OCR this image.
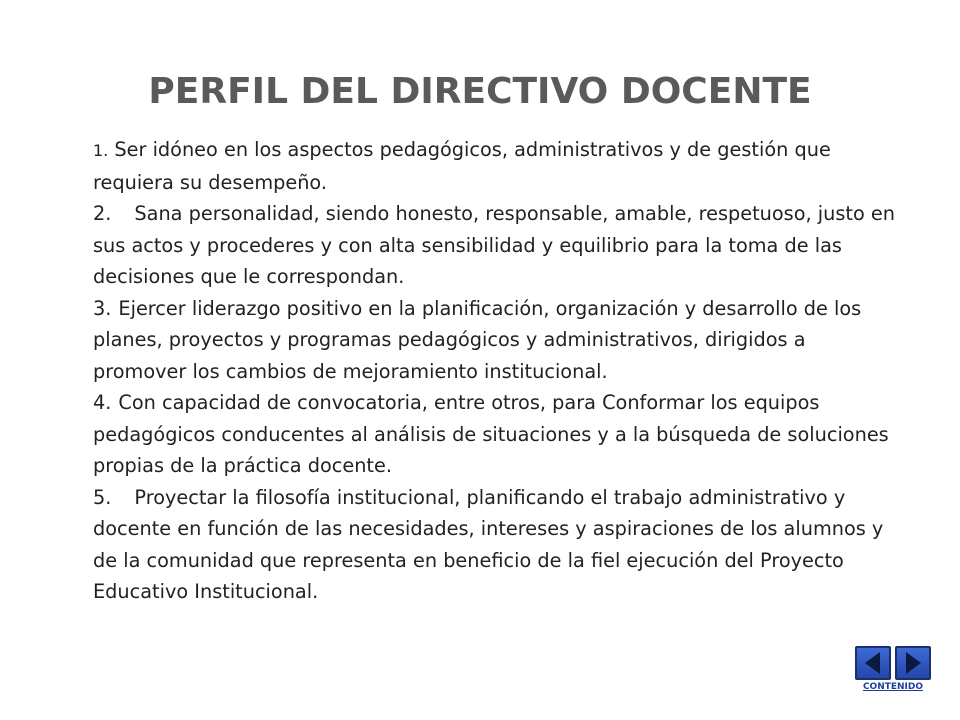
PERFIL DEL DIRECTIVO DOCENTE

1. Ser idóneo en los aspectos pedagógicos, administrativos y de gestión que requiera su desempeño.

2. Sana personalidad, siendo honesto, responsable, amable, respetuoso, justo en sus actos y procederes y con alta sensibilidad y equilibrio para la toma de las decisiones que le correspondan.

3. Ejercer liderazgo positivo en la planificación, organización y desarrollo de los planes, proyectos y programas pedagógicos y administrativos, dirigidos a promover los cambios de mejoramiento institucional.

4. Con capacidad de convocatoria, entre otros, para Conformar los equipos pedagógicos conducentes al análisis de situaciones y a la búsqueda de soluciones propias de la práctica docente.

5. Proyectar la filosofía institucional, planificando el trabajo administrativo y docente en función de las necesidades, intereses y aspiraciones de los alumnos y de la comunidad que representa en beneficio de la fiel ejecución del Proyecto Educativo Institucional.

CONTENIDO
